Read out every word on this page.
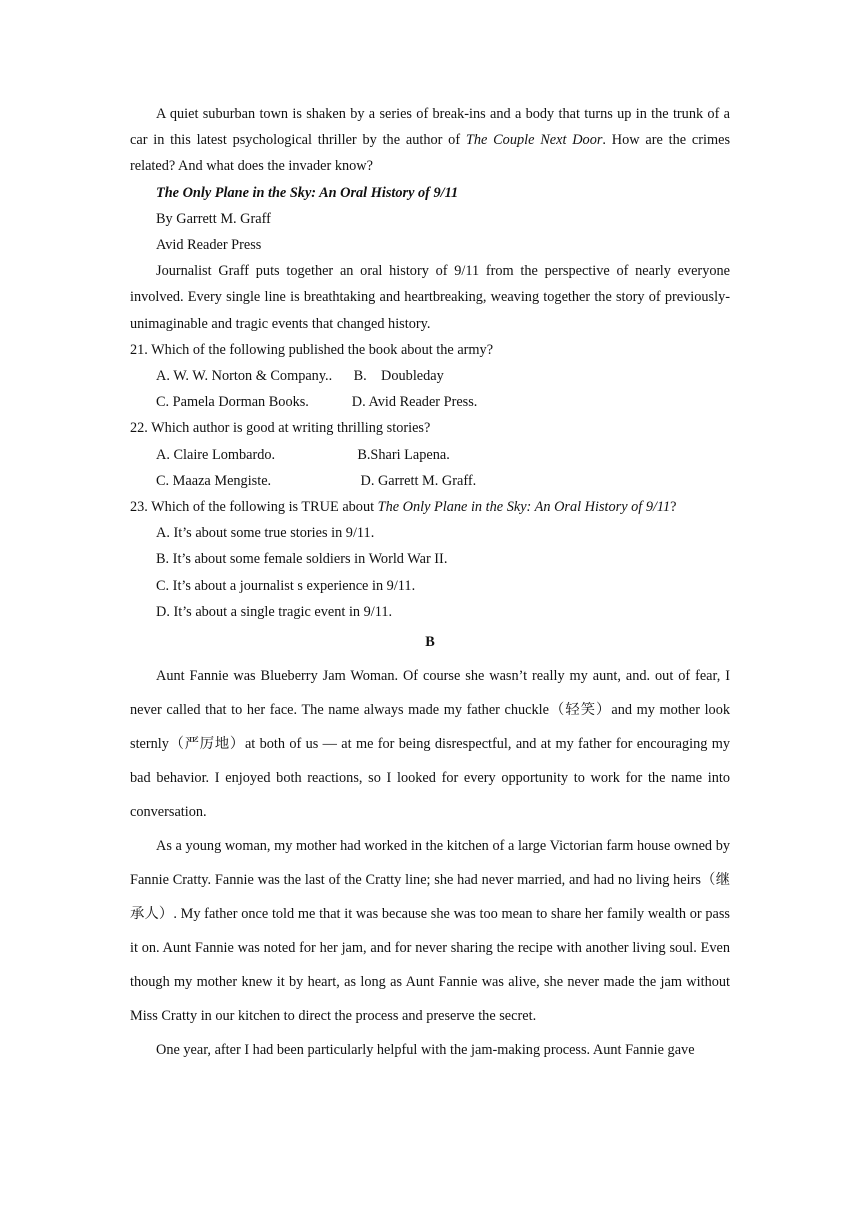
A quiet suburban town is shaken by a series of break-ins and a body that turns up in the trunk of a car in this latest psychological thriller by the author of The Couple Next Door. How are the crimes related? And what does the invader know?

The Only Plane in the Sky: An Oral History of 9/11

By Garrett M. Graff

Avid Reader Press

Journalist Graff puts together an oral history of 9/11 from the perspective of nearly everyone involved. Every single line is breathtaking and heartbreaking, weaving together the story of previously-unimaginable and tragic events that changed history.

21. Which of the following published the book about the army?

A. W. W. Norton & Company..      B.    Doubleday

C. Pamela Dorman Books.            D. Avid Reader Press.

22. Which author is good at writing thrilling stories?

A. Claire Lombardo.                       B.Shari Lapena.

C. Maaza Mengiste.                         D. Garrett M. Graff.

23. Which of the following is TRUE about The Only Plane in the Sky: An Oral History of 9/11?

A. It’s about some true stories in 9/11.

B. It’s about some female soldiers in World War II.

C. It’s about a journalist s experience in 9/11.

D. It’s about a single tragic event in 9/11.

B

Aunt Fannie was Blueberry Jam Woman. Of course she wasn’t really my aunt, and. out of fear, I never called that to her face. The name always made my father chuckle（轻笑）and my mother look sternly（严厉地）at both of us — at me for being disrespectful, and at my father for encouraging my bad behavior. I enjoyed both reactions, so I looked for every opportunity to work for the name into conversation.

As a young woman, my mother had worked in the kitchen of a large Victorian farm house owned by Fannie Cratty. Fannie was the last of the Cratty line; she had never married, and had no living heirs（继承人）. My father once told me that it was because she was too mean to share her family wealth or pass it on. Aunt Fannie was noted for her jam, and for never sharing the recipe with another living soul. Even though my mother knew it by heart, as long as Aunt Fannie was alive, she never made the jam without Miss Cratty in our kitchen to direct the process and preserve the secret.

One year, after I had been particularly helpful with the jam-making process. Aunt Fannie gave
